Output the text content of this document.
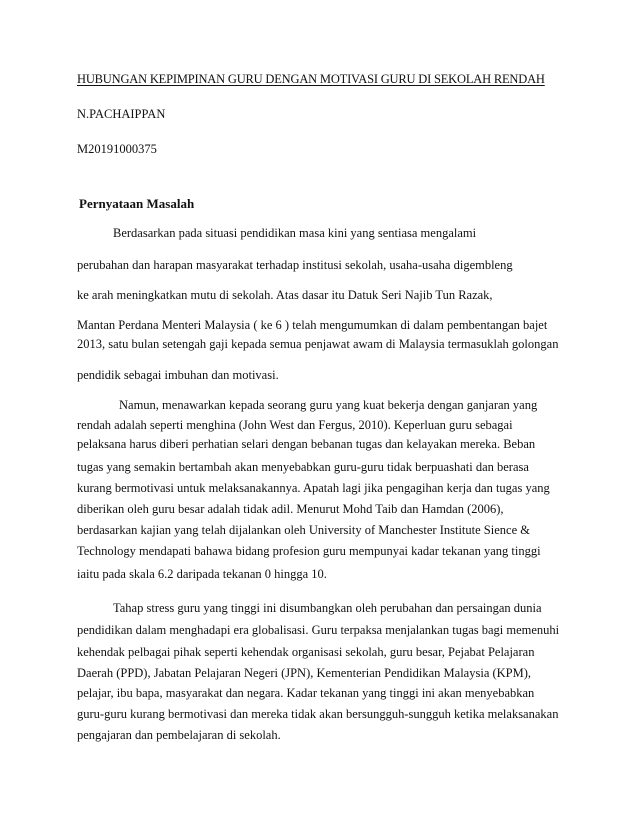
HUBUNGAN KEPIMPINAN GURU DENGAN MOTIVASI GURU DI SEKOLAH RENDAH
N.PACHAIPPAN
M20191000375
Pernyataan Masalah
Berdasarkan pada situasi pendidikan masa kini yang sentiasa mengalami
perubahan dan harapan masyarakat terhadap institusi sekolah, usaha-usaha digembleng
ke arah meningkatkan mutu di sekolah. Atas dasar itu Datuk Seri Najib Tun Razak,
Mantan Perdana Menteri Malaysia ( ke 6 ) telah mengumumkan di dalam pembentangan bajet
2013, satu bulan setengah gaji kepada semua penjawat awam di Malaysia termasuklah golongan
pendidik sebagai imbuhan dan motivasi.
Namun, menawarkan kepada seorang guru yang kuat bekerja dengan ganjaran yang
rendah adalah seperti menghina (John West dan Fergus, 2010). Keperluan guru sebagai
pelaksana harus diberi perhatian selari dengan bebanan tugas dan kelayakan mereka. Beban
tugas yang semakin bertambah akan menyebabkan guru-guru tidak berpuashati dan berasa
kurang bermotivasi untuk melaksanakannya. Apatah lagi jika pengagihan kerja dan tugas yang
diberikan oleh guru besar adalah tidak adil. Menurut Mohd Taib dan Hamdan (2006),
berdasarkan kajian yang telah dijalankan oleh University of Manchester Institute Sience &
Technology mendapati bahawa bidang profesion guru mempunyai kadar tekanan yang tinggi
iaitu pada skala 6.2 daripada tekanan 0 hingga 10.
Tahap stress guru yang tinggi ini disumbangkan oleh perubahan dan persaingan dunia
pendidikan dalam menghadapi era globalisasi. Guru terpaksa menjalankan tugas bagi memenuhi
kehendak pelbagai pihak seperti kehendak organisasi sekolah, guru besar, Pejabat Pelajaran
Daerah (PPD), Jabatan Pelajaran Negeri (JPN), Kementerian Pendidikan Malaysia (KPM),
pelajar, ibu bapa, masyarakat dan negara. Kadar tekanan yang tinggi ini akan menyebabkan
guru-guru kurang bermotivasi dan mereka tidak akan bersungguh-sungguh ketika melaksanakan
pengajaran dan pembelajaran di sekolah.
